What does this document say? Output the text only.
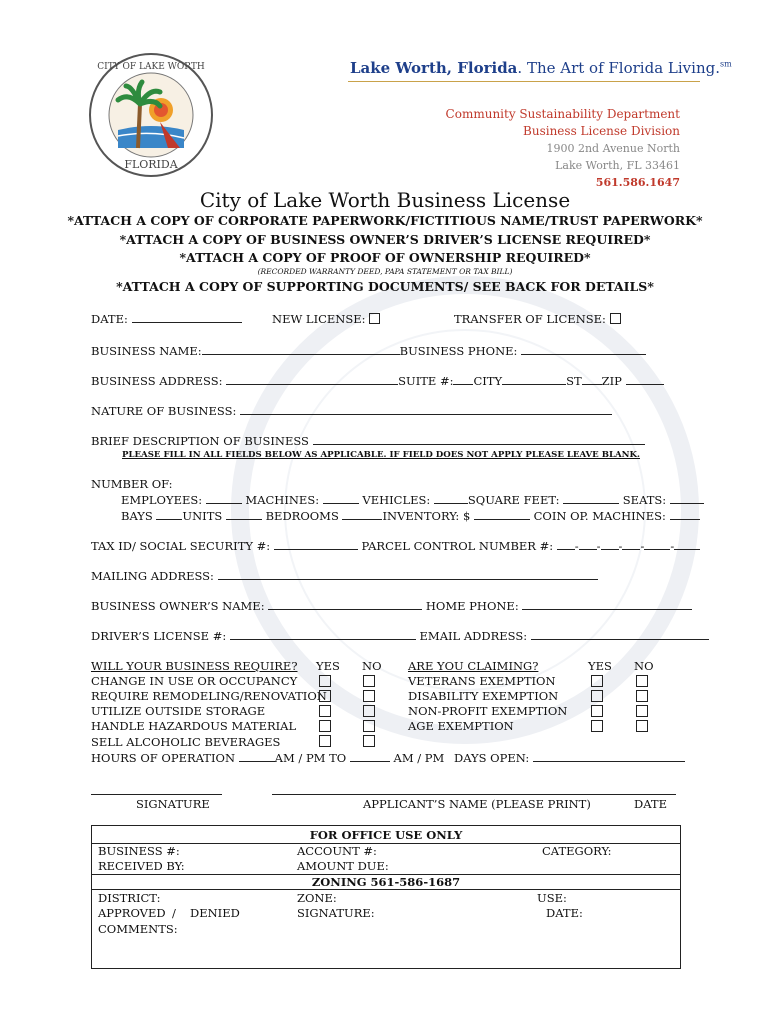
CITY OF LAKE WORTH
FLORIDA
Lake Worth, Florida. The Art of Florida Living.$^{sm}$
Community Sustainability Department
Business License Division
1900 2nd Avenue North
Lake Worth, FL 33461
561.586.1647
City of Lake Worth Business License
*ATTACH A COPY OF CORPORATE PAPERWORK/FICTITIOUS NAME/TRUST PAPERWORK*
*ATTACH A COPY OF BUSINESS OWNER’S DRIVER’S LICENSE REQUIRED*
*ATTACH A COPY OF PROOF OF OWNERSHIP REQUIRED*
(RECORDED WARRANTY DEED, PAPA STATEMENT OR TAX BILL)
*ATTACH A COPY OF SUPPORTING DOCUMENTS/ SEE BACK FOR DETAILS*
DATE:	NEW LICENSE:	TRANSFER OF LICENSE:
BUSINESS NAME:	BUSINESS PHONE:
BUSINESS ADDRESS:	SUITE #: CITY	ST ZIP
NATURE OF BUSINESS:
BRIEF DESCRIPTION OF BUSINESS
PLEASE FILL IN ALL FIELDS BELOW AS APPLICABLE. IF FIELD DOES NOT APPLY PLEASE LEAVE BLANK.
NUMBER OF:
EMPLOYEES:	MACHINES:	VEHICLES:	SQUARE FEET:	SEATS:
BAYS	UNITS	BEDROOMS	INVENTORY: $	COIN OP. MACHINES:
TAX ID/ SOCIAL SECURITY #:	PARCEL CONTROL NUMBER #: - - - - -
MAILING ADDRESS:
BUSINESS OWNER’S NAME:	HOME PHONE:
DRIVER’S LICENSE #:	EMAIL ADDRESS:
WILL YOUR BUSINESS REQUIRE? YES NO
CHANGE IN USE OR OCCUPANCY
REQUIRE REMODELING/RENOVATION
UTILIZE OUTSIDE STORAGE
HANDLE HAZARDOUS MATERIAL
SELL ALCOHOLIC BEVERAGES
ARE YOU CLAIMING?	YES NO
VETERANS EXEMPTION
DISABILITY EXEMPTION
NON-PROFIT EXEMPTION
AGE EXEMPTION
HOURS OF OPERATION	AM / PM TO	AM / PM DAYS OPEN:
SIGNATURE	APPLICANT’S NAME (PLEASE PRINT)	DATE
FOR OFFICE USE ONLY
BUSINESS #:	ACCOUNT #:	CATEGORY:
RECEIVED BY:	AMOUNT DUE:
ZONING 561-586-1687
DISTRICT:	ZONE:	USE:
APPROVED / DENIED	SIGNATURE:	DATE:
COMMENTS:
